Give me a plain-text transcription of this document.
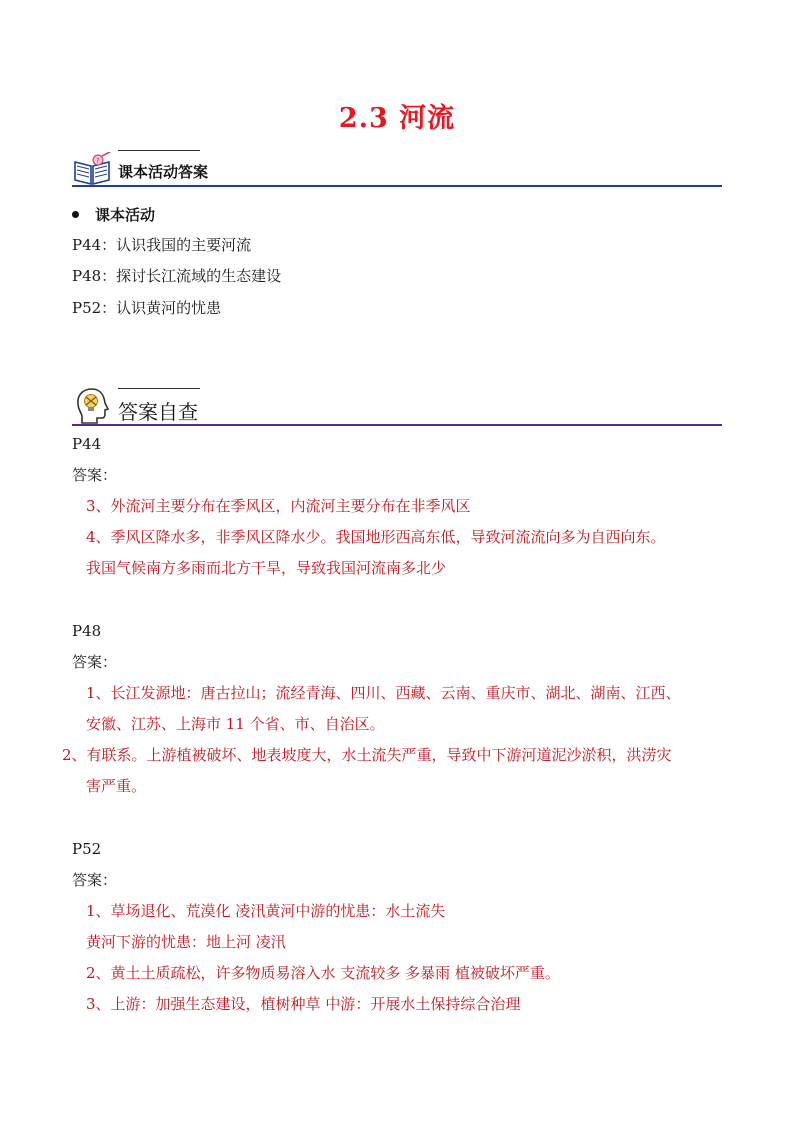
2.3 河流
?
课本活动答案
课本活动
P44：认识我国的主要河流
P48：探讨长江流域的生态建设
P52：认识黄河的忧患
答案自查
P44
答案：
3、外流河主要分布在季风区，内流河主要分布在非季风区
4、季风区降水多，非季风区降水少。我国地形西高东低，导致河流流向多为自西向东。
我国气候南方多雨而北方干旱，导致我国河流南多北少
P48
答案：
1、长江发源地：唐古拉山；流经青海、四川、西藏、云南、重庆市、湖北、湖南、江西、
安徽、江苏、上海市 11 个省、市、自治区。
2、有联系。上游植被破坏、地表坡度大，水土流失严重，导致中下游河道泥沙淤积，洪涝灾
害严重。
P52
答案：
1、草场退化、荒漠化 凌汛黄河中游的忧患：水土流失
黄河下游的忧患：地上河 凌汛
2、黄土土质疏松，许多物质易溶入水 支流较多 多暴雨 植被破坏严重。
3、上游：加强生态建设，植树种草 中游：开展水土保持综合治理
